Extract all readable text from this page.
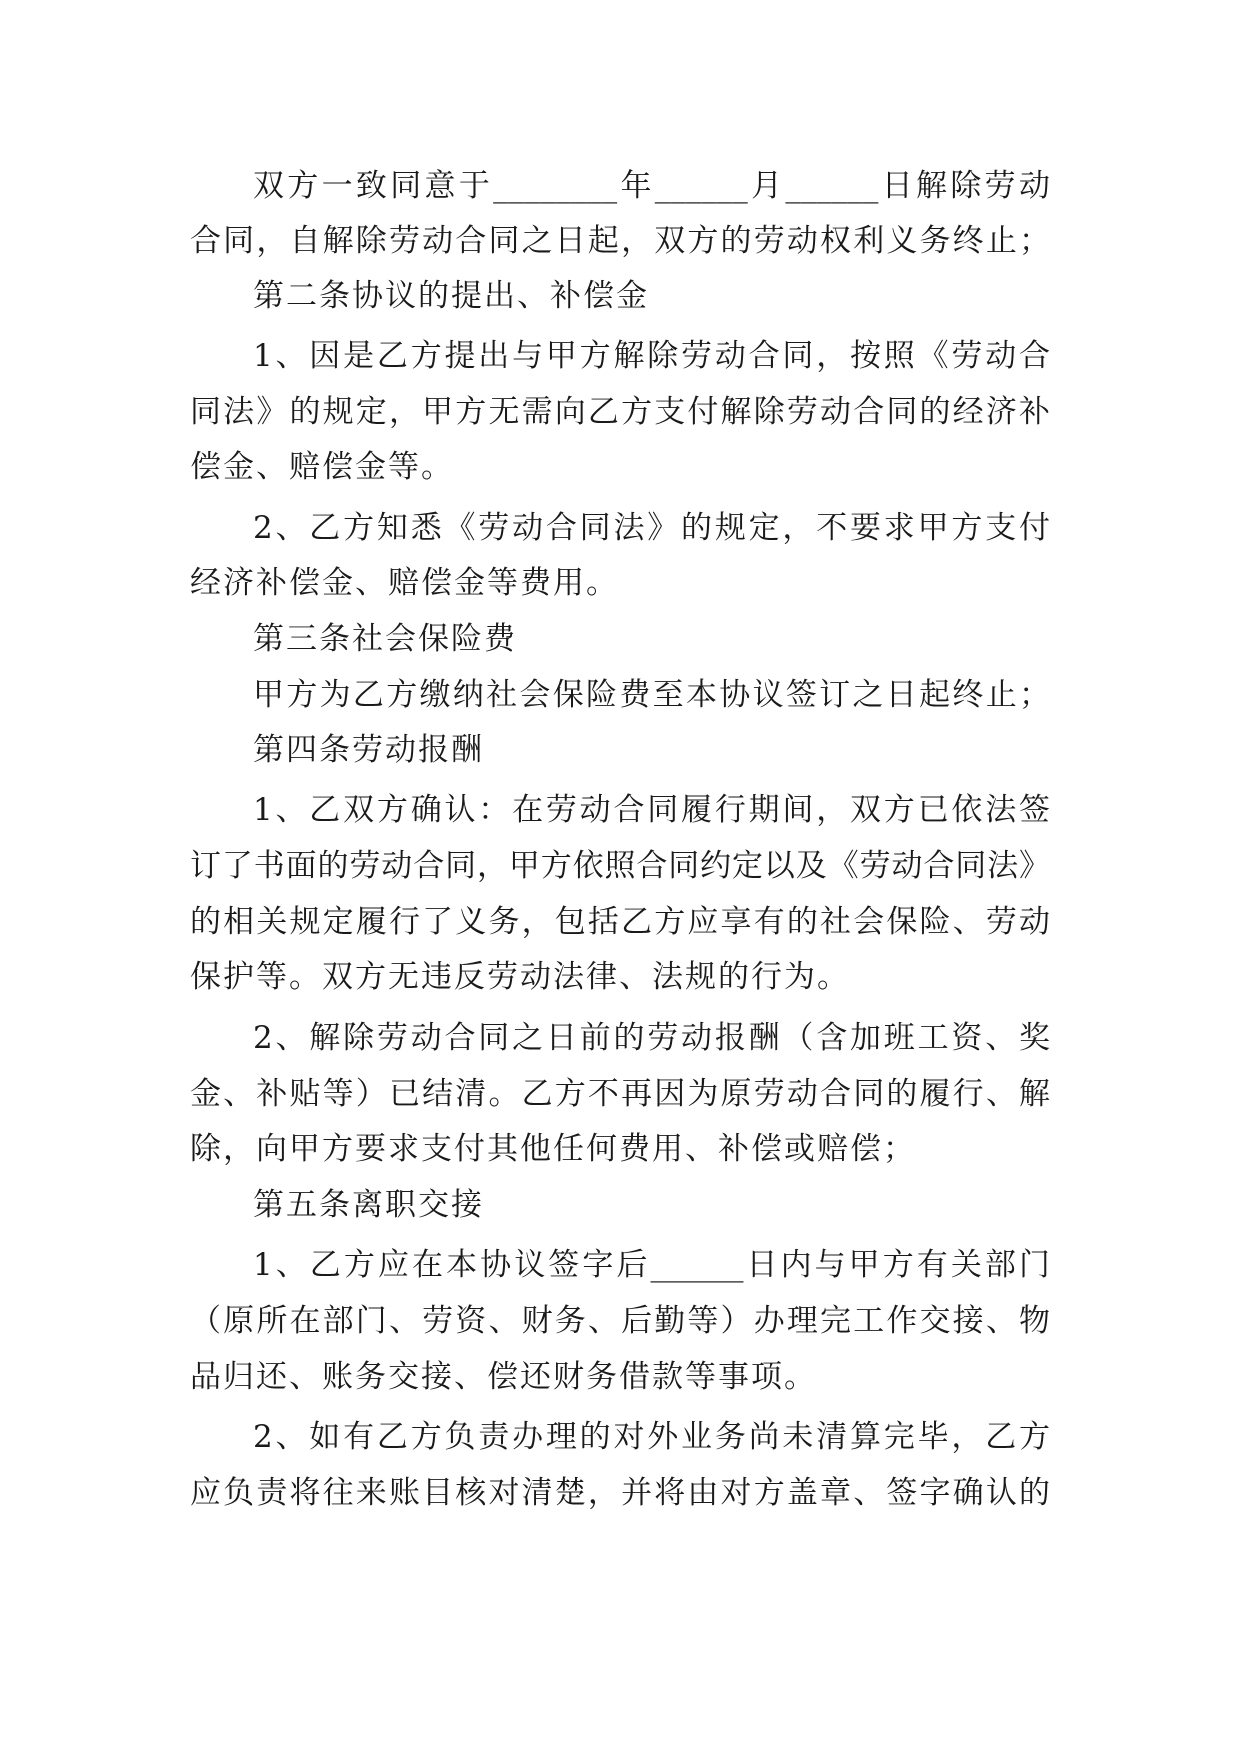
双方一致同意于________年______月______日解除劳动
合同，自解除劳动合同之日起，双方的劳动权利义务终止；
第二条协议的提出、补偿金
1、因是乙方提出与甲方解除劳动合同，按照《劳动合
同法》的规定，甲方无需向乙方支付解除劳动合同的经济补
偿金、赔偿金等。
2、乙方知悉《劳动合同法》的规定，不要求甲方支付
经济补偿金、赔偿金等费用。
第三条社会保险费
甲方为乙方缴纳社会保险费至本协议签订之日起终止；
第四条劳动报酬
1、乙双方确认：在劳动合同履行期间，双方已依法签
订了书面的劳动合同，甲方依照合同约定以及《劳动合同法》
的相关规定履行了义务，包括乙方应享有的社会保险、劳动
保护等。双方无违反劳动法律、法规的行为。
2、解除劳动合同之日前的劳动报酬（含加班工资、奖
金、补贴等）已结清。乙方不再因为原劳动合同的履行、解
除，向甲方要求支付其他任何费用、补偿或赔偿；
第五条离职交接
1、乙方应在本协议签字后______日内与甲方有关部门
（原所在部门、劳资、财务、后勤等）办理完工作交接、物
品归还、账务交接、偿还财务借款等事项。
2、如有乙方负责办理的对外业务尚未清算完毕，乙方
应负责将往来账目核对清楚，并将由对方盖章、签字确认的
